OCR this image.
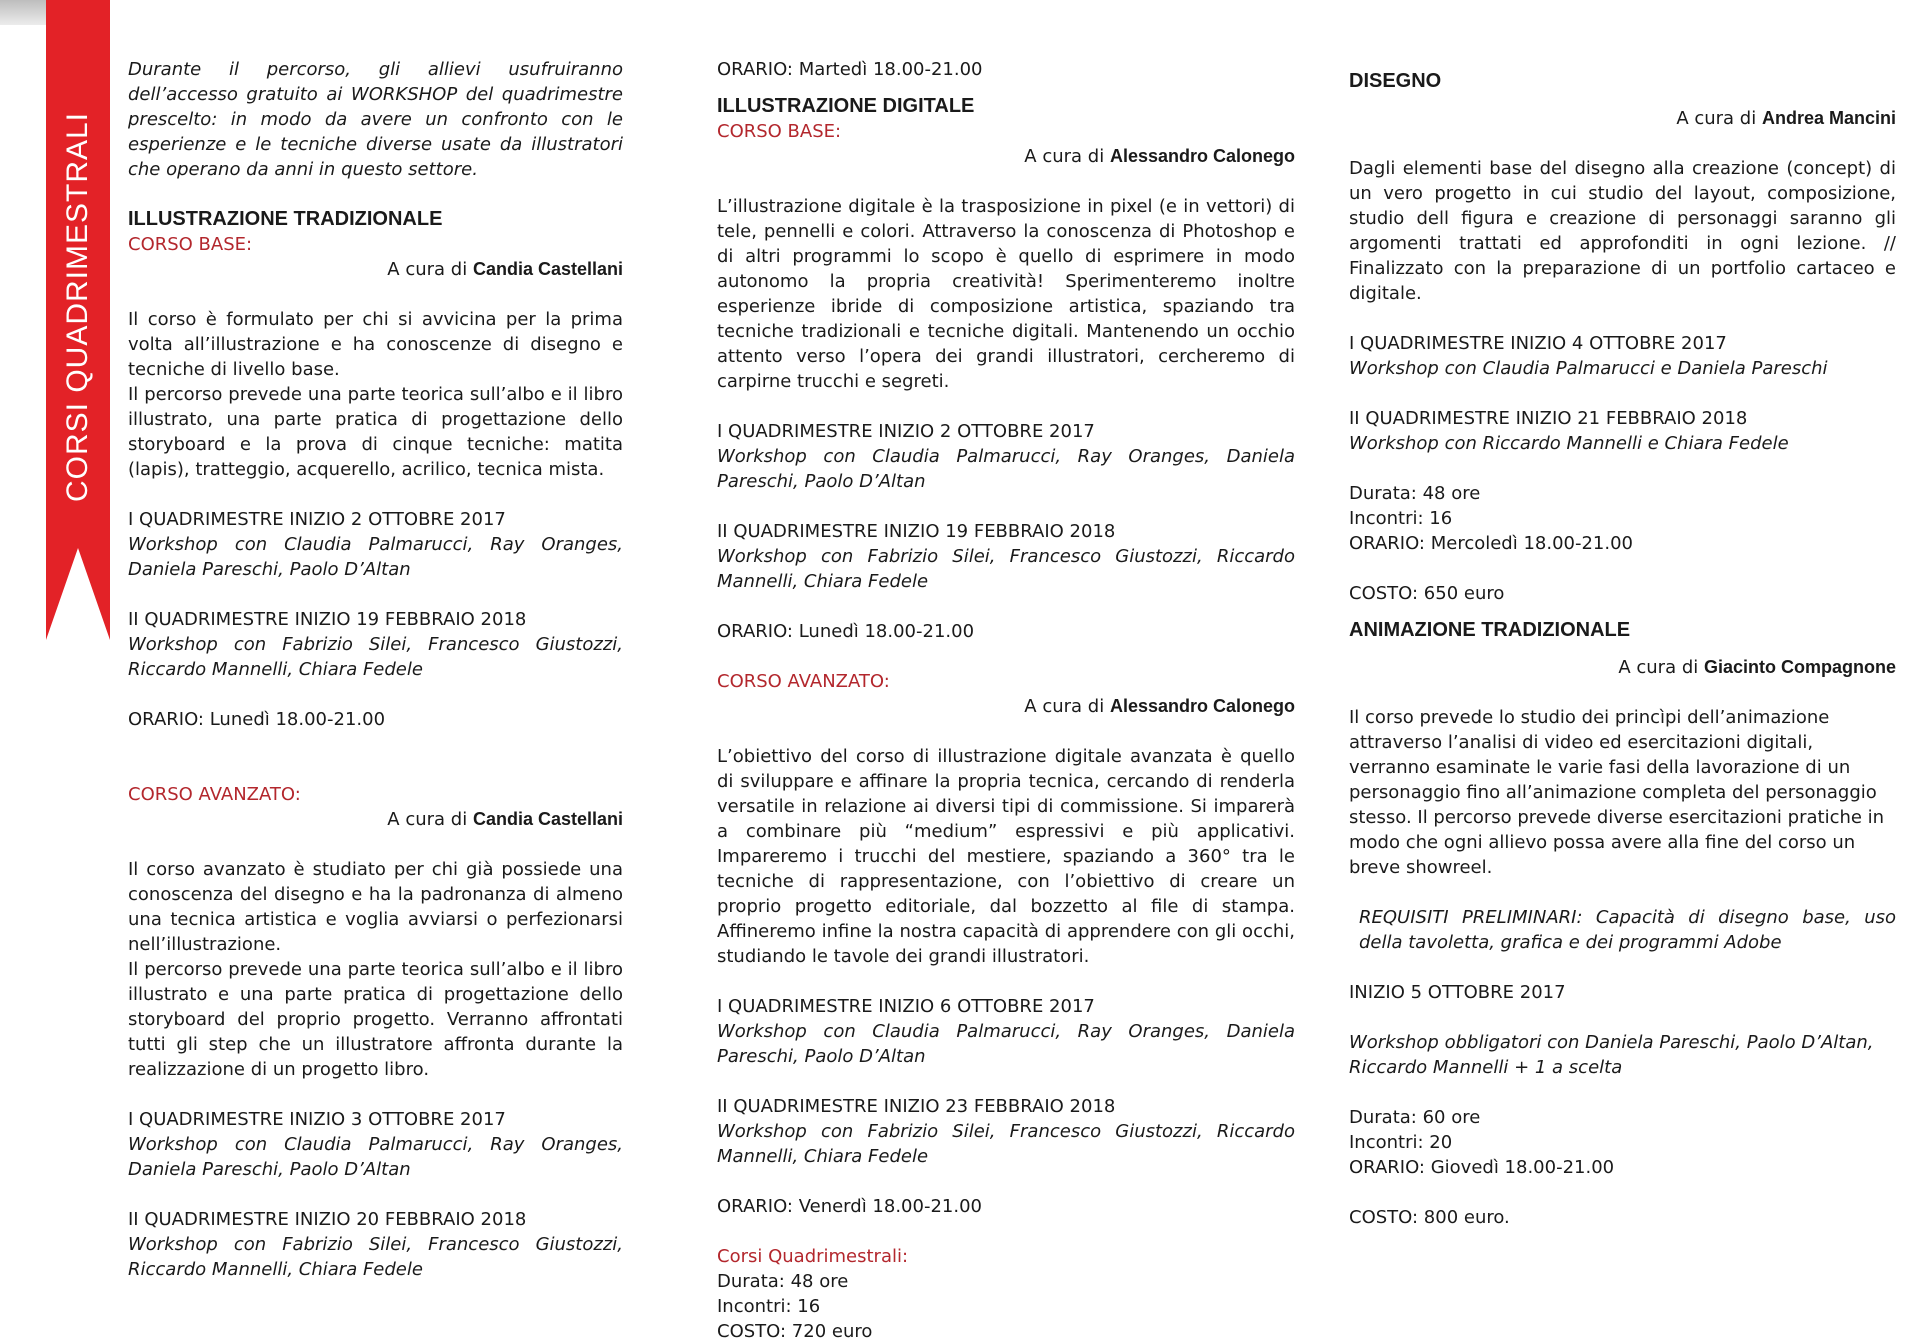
CORSI QUADRIMESTRALI

Durante il percorso, gli allievi usufruiranno dell’accesso gratuito ai WORKSHOP del quadrimestre prescelto: in modo da avere un confronto con le esperienze e le tecniche diverse usate da illustratori che operano da anni in questo settore.

ILLUSTRAZIONE TRADIZIONALE

CORSO BASE:

A cura di Candia Castellani

Il corso è formulato per chi si avvicina per la prima volta all’illustrazione e ha conoscenze di disegno e tecniche di livello base.

Il percorso prevede una parte teorica sull’albo e il libro illustrato, una parte pratica di progettazione dello storyboard e la prova di cinque tecniche: matita (lapis), tratteggio, acquerello, acrilico, tecnica mista.

I QUADRIMESTRE INIZIO 2 OTTOBRE 2017

Workshop con Claudia Palmarucci, Ray Oranges, Daniela Pareschi, Paolo D’Altan

II QUADRIMESTRE INIZIO 19 FEBBRAIO 2018

Workshop con Fabrizio Silei, Francesco Giustozzi, Riccardo Mannelli, Chiara Fedele

ORARIO: Lunedì 18.00-21.00

CORSO AVANZATO:

A cura di Candia Castellani

Il corso avanzato è studiato per chi già possiede una conoscenza del disegno e ha la padronanza di almeno una tecnica artistica e voglia avviarsi o perfezionarsi nell’illustrazione.

Il percorso prevede una parte teorica sull’albo e il libro illustrato e una parte pratica di progettazione dello storyboard del proprio progetto. Verranno affrontati tutti gli step che un illustratore affronta durante la realizzazione di un progetto libro.

I QUADRIMESTRE INIZIO 3 OTTOBRE 2017

Workshop con Claudia Palmarucci, Ray Oranges, Daniela Pareschi, Paolo D’Altan

II QUADRIMESTRE INIZIO 20 FEBBRAIO 2018

Workshop con Fabrizio Silei, Francesco Giustozzi, Riccardo Mannelli, Chiara Fedele

ORARIO: Martedì 18.00-21.00

ILLUSTRAZIONE DIGITALE

CORSO BASE:

A cura di Alessandro Calonego

L’illustrazione digitale è la trasposizione in pixel (e in vettori) di tele, pennelli e colori. Attraverso la conoscenza di Photoshop e di altri programmi lo scopo è quello di esprimere in modo autonomo la propria creatività! Sperimenteremo inoltre esperienze ibride di composizione artistica, spaziando tra tecniche tradizionali e tecniche digitali. Mantenendo un occhio attento verso l’opera dei grandi illustratori, cercheremo di carpirne trucchi e segreti.

I QUADRIMESTRE INIZIO 2 OTTOBRE 2017

Workshop con Claudia Palmarucci, Ray Oranges, Daniela Pareschi, Paolo D’Altan

II QUADRIMESTRE INIZIO 19 FEBBRAIO 2018

Workshop con Fabrizio Silei, Francesco Giustozzi, Riccardo Mannelli, Chiara Fedele

ORARIO: Lunedì 18.00-21.00

CORSO AVANZATO:

A cura di Alessandro Calonego

L’obiettivo del corso di illustrazione digitale avanzata è quello di sviluppare e affinare la propria tecnica, cercando di renderla versatile in relazione ai diversi tipi di commissione. Si imparerà a combinare più “medium” espressivi e più applicativi. Impareremo i trucchi del mestiere, spaziando a 360° tra le tecniche di rappresentazione, con l’obiettivo di creare un proprio progetto editoriale, dal bozzetto al file di stampa. Affineremo infine la nostra capacità di apprendere con gli occhi, studiando le tavole dei grandi illustratori.

I QUADRIMESTRE INIZIO 6 OTTOBRE 2017

Workshop con Claudia Palmarucci, Ray Oranges, Daniela Pareschi, Paolo D’Altan

II QUADRIMESTRE INIZIO 23 FEBBRAIO 2018

Workshop con Fabrizio Silei, Francesco Giustozzi, Riccardo Mannelli, Chiara Fedele

ORARIO: Venerdì 18.00-21.00

Corsi Quadrimestrali:

Durata: 48 ore

Incontri: 16

COSTO: 720 euro

DISEGNO

A cura di Andrea Mancini

Dagli elementi base del disegno alla creazione (concept) di un vero progetto in cui studio del layout, composizione, studio dell figura e creazione di personaggi saranno gli argomenti trattati ed approfonditi in ogni lezione. // Finalizzato con la preparazione di un portfolio cartaceo e digitale.

I QUADRIMESTRE INIZIO 4 OTTOBRE 2017

Workshop con Claudia Palmarucci e Daniela Pareschi

II QUADRIMESTRE INIZIO 21 FEBBRAIO 2018

Workshop con Riccardo Mannelli e Chiara Fedele

Durata: 48 ore

Incontri: 16

ORARIO: Mercoledì 18.00-21.00

COSTO: 650 euro

ANIMAZIONE TRADIZIONALE

A cura di Giacinto Compagnone

Il corso prevede lo studio dei princìpi dell’animazione attraverso l’analisi di video ed esercitazioni digitali, verranno esaminate le varie fasi della lavorazione di un

personaggio fino all’animazione completa del personaggio stesso. Il percorso prevede diverse esercitazioni pratiche in modo che ogni allievo possa avere alla fine del corso un breve showreel.

REQUISITI PRELIMINARI: Capacità di disegno base, uso della tavoletta, grafica e dei programmi Adobe

INIZIO 5 OTTOBRE 2017

Workshop obbligatori con Daniela Pareschi, Paolo D’Altan, Riccardo Mannelli + 1 a scelta

Durata: 60 ore

Incontri: 20

ORARIO: Giovedì 18.00-21.00

COSTO: 800 euro.
